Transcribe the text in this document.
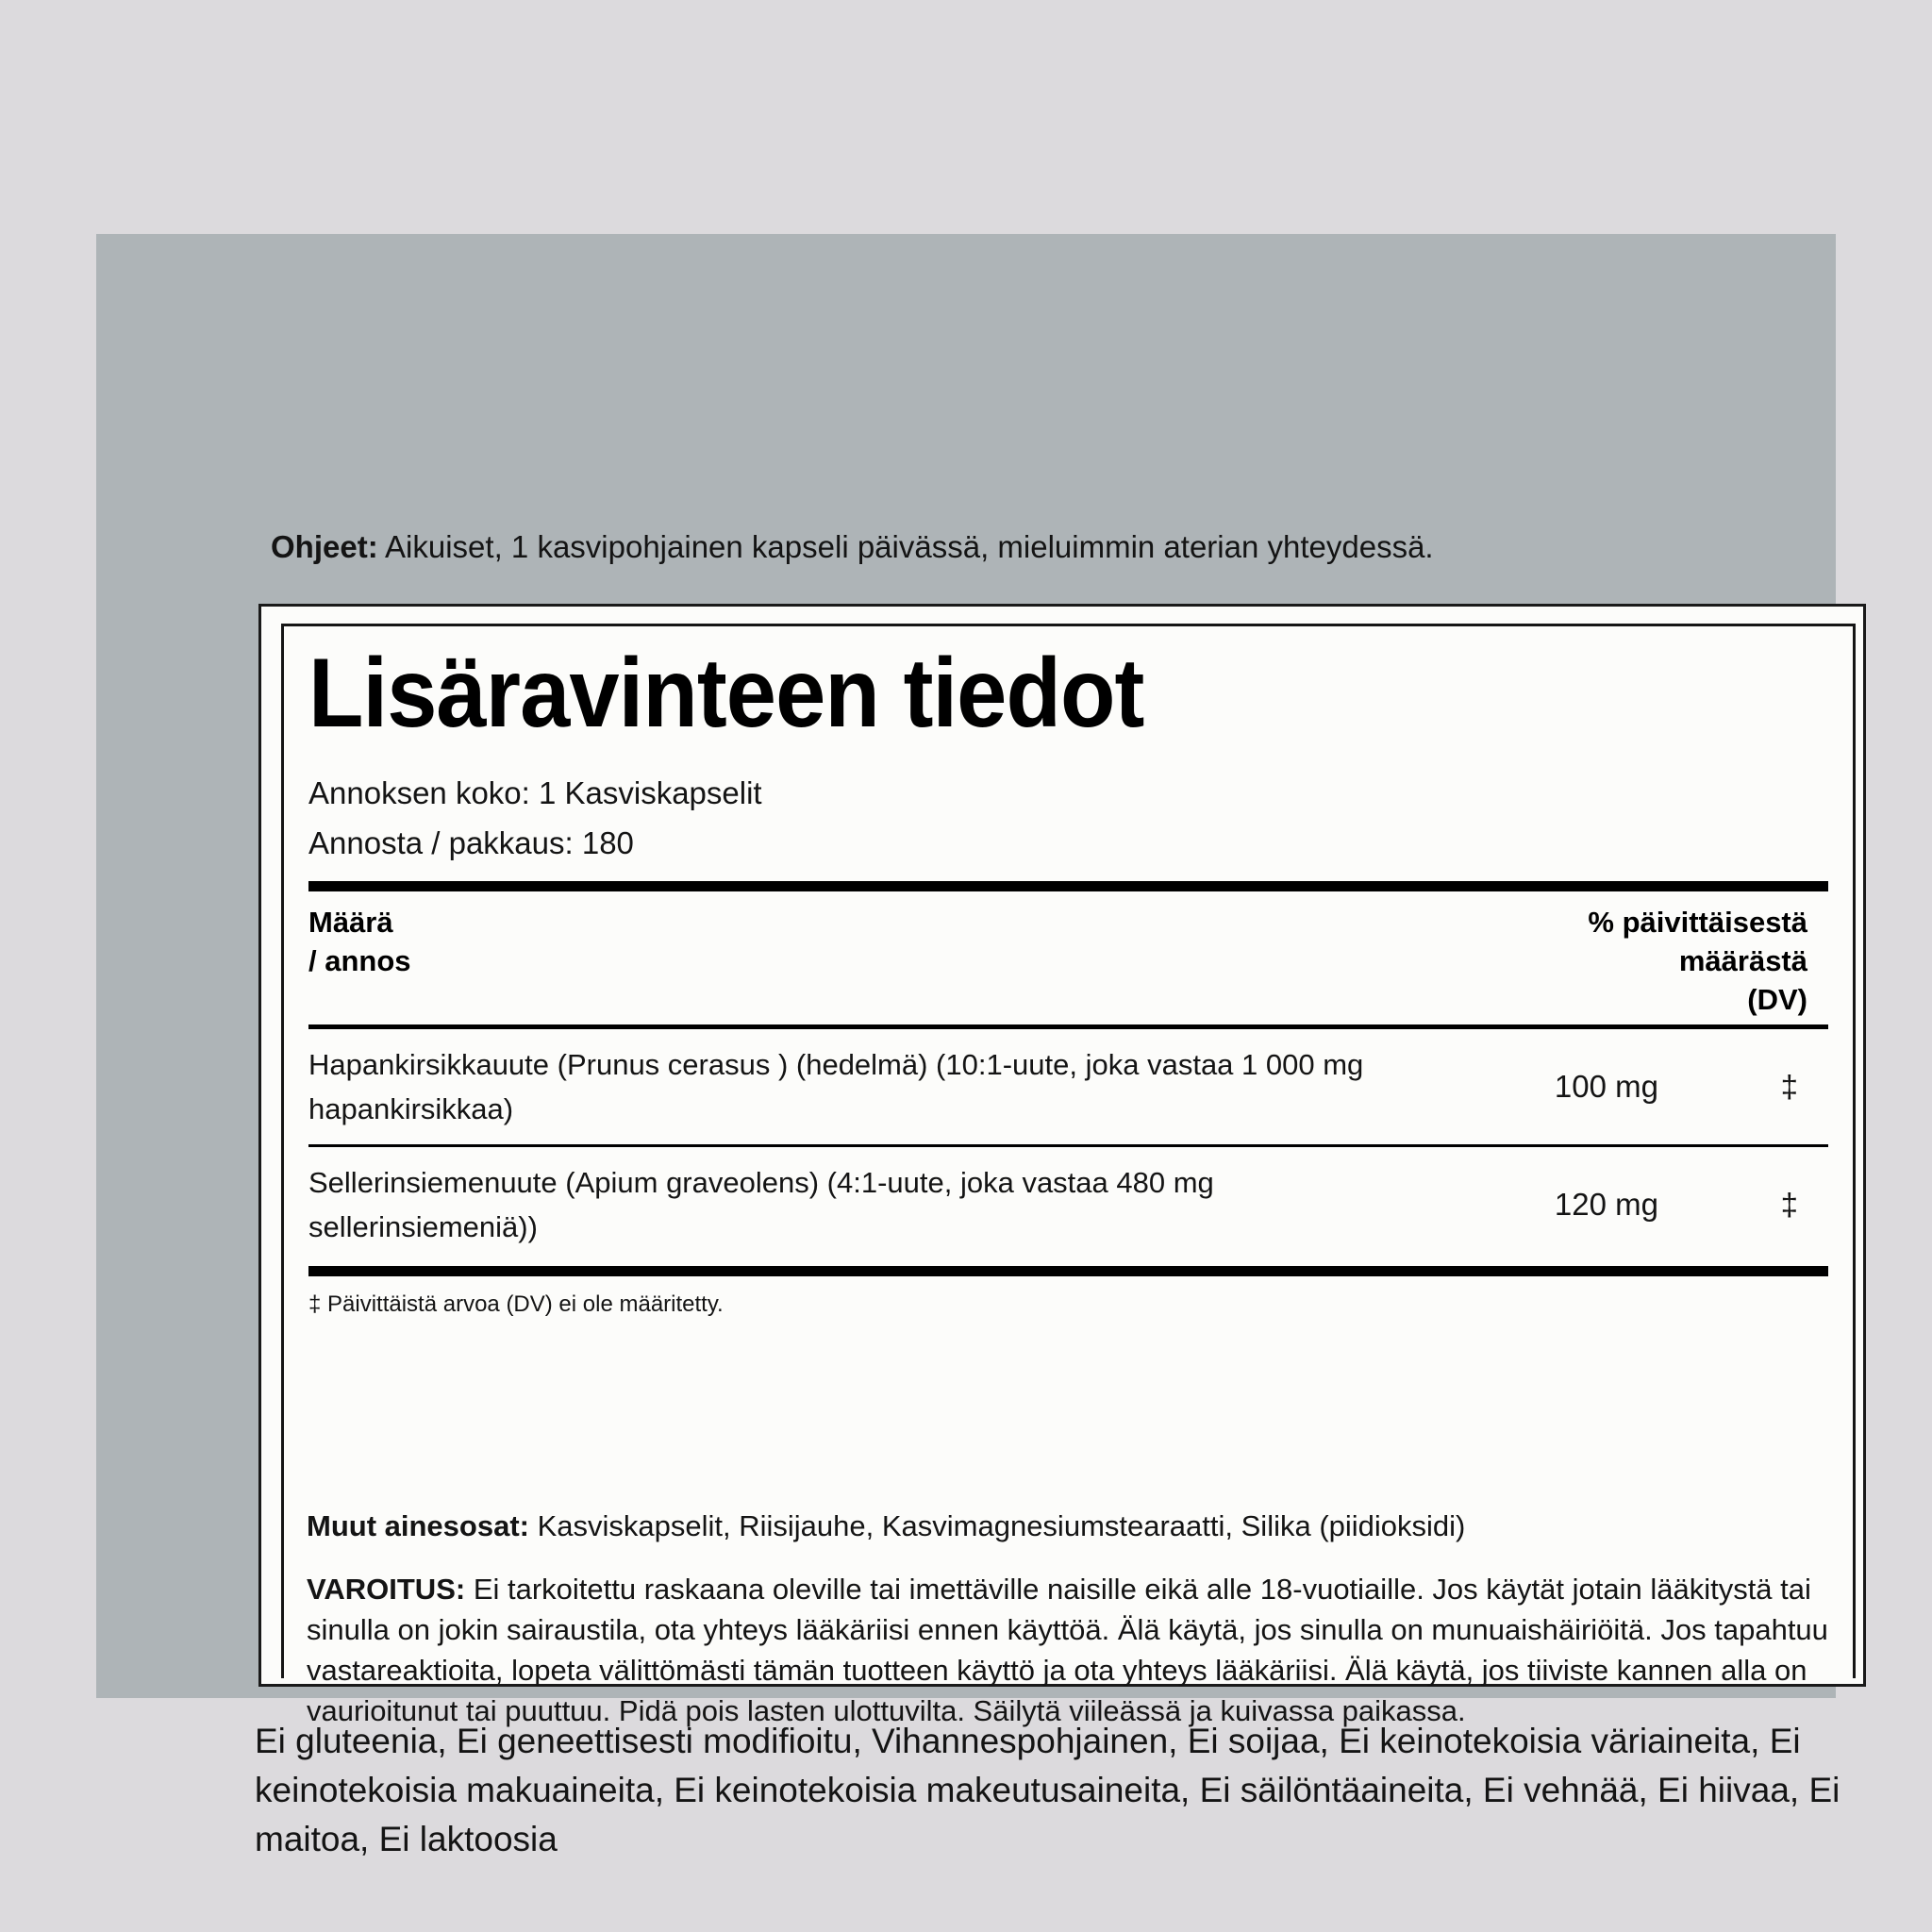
Ohjeet: Aikuiset, 1 kasvipohjainen kapseli päivässä, mieluimmin aterian yhteydessä.
Lisäravinteen tiedot
Annoksen koko: 1 Kasviskapselit
Annosta / pakkaus: 180
Määrä
/ annos
% päivittäisestä
määrästä
(DV)
Hapankirsikkauute (Prunus cerasus ) (hedelmä) (10:1-uute, joka vastaa 1 000 mg hapankirsikkaa)
100 mg	‡
Sellerinsiemenuute (Apium graveolens) (4:1-uute, joka vastaa 480 mg sellerinsiemeniä))
120 mg	‡
‡ Päivittäistä arvoa (DV) ei ole määritetty.
Muut ainesosat: Kasviskapselit, Riisijauhe, Kasvimagnesiumstearaatti, Silika (piidioksidi)
VAROITUS: Ei tarkoitettu raskaana oleville tai imettäville naisille eikä alle 18-vuotiaille. Jos käytät jotain lääkitystä tai sinulla on jokin sairaustila, ota yhteys lääkäriisi ennen käyttöä. Älä käytä, jos sinulla on munuaishäiriöitä. Jos tapahtuu vastareaktioita, lopeta välittömästi tämän tuotteen käyttö ja ota yhteys lääkäriisi. Älä käytä, jos tiiviste kannen alla on vaurioitunut tai puuttuu. Pidä pois lasten ulottuvilta. Säilytä viileässä ja kuivassa paikassa.
Ei gluteenia, Ei geneettisesti modifioitu, Vihannespohjainen, Ei soijaa, Ei keinotekoisia väriaineita, Ei keinotekoisia makuaineita, Ei keinotekoisia makeutusaineita, Ei säilöntäaineita, Ei vehnää, Ei hiivaa, Ei maitoa, Ei laktoosia
